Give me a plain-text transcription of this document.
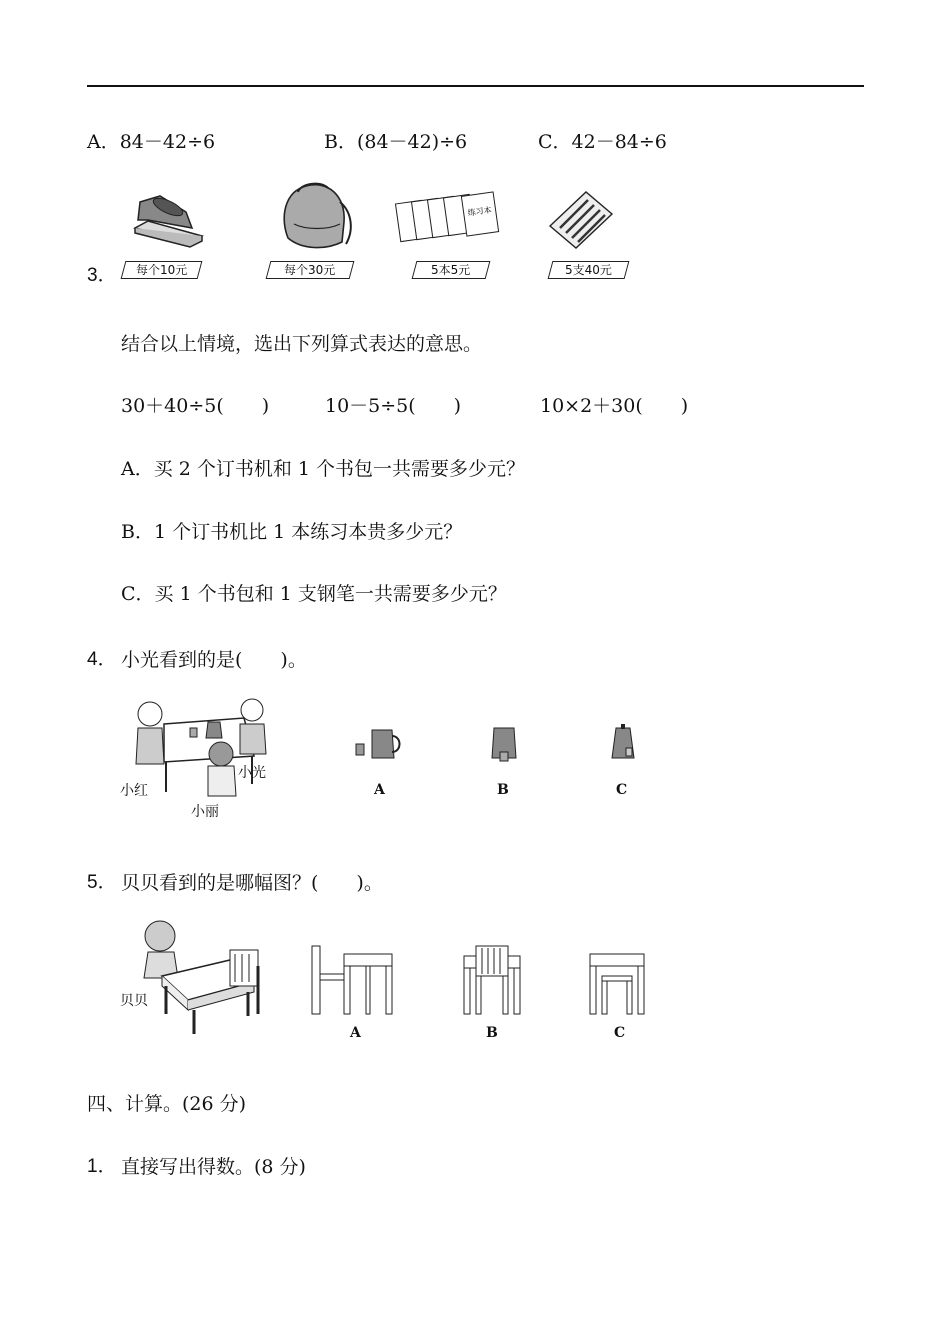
A．84－42÷6	B．(84－42)÷6	C．42－84÷6
3．	每个10元	每个30元
练习本
5本5元	5支40元
结合以上情境，选出下列算式表达的意思。
30＋40÷5(　　)	10－5÷5(　　)	10×2＋30(　　)
A．买 2 个订书机和 1 个书包一共需要多少元？
B．1 个订书机比 1 本练习本贵多少元？
C．买 1 个书包和 1 支钢笔一共需要多少元？
4． 小光看到的是(　　)。
小红
小光
小丽
A	B	C
5． 贝贝看到的是哪幅图？(　　)。
贝贝
A	B	C
四、计算。(26 分)
1． 直接写出得数。(8 分)
